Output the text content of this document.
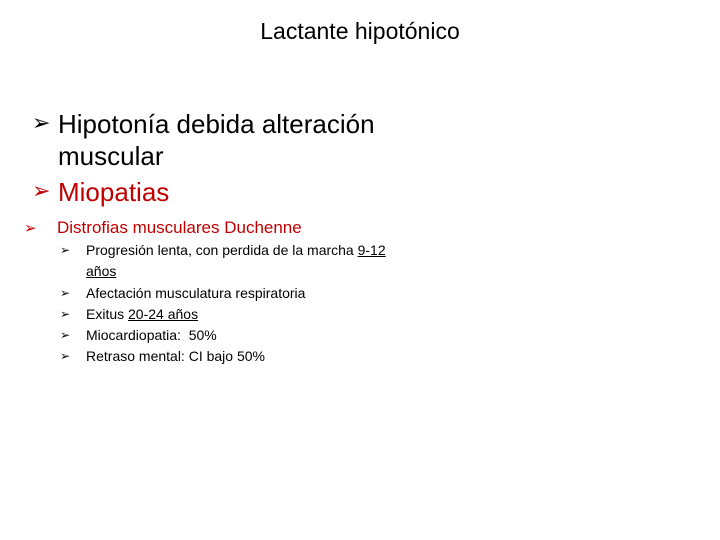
Lactante hipotónico
➢ Hipotonía debida alteración
muscular
➢ Miopatias
➢ Distrofias musculares Duchenne
➢ Progresión lenta, con perdida de la marcha 9-12
años
➢ Afectación musculatura respiratoria
➢ Exitus 20-24 años
➢ Miocardiopatia:  50%
➢ Retraso mental: CI bajo 50%
